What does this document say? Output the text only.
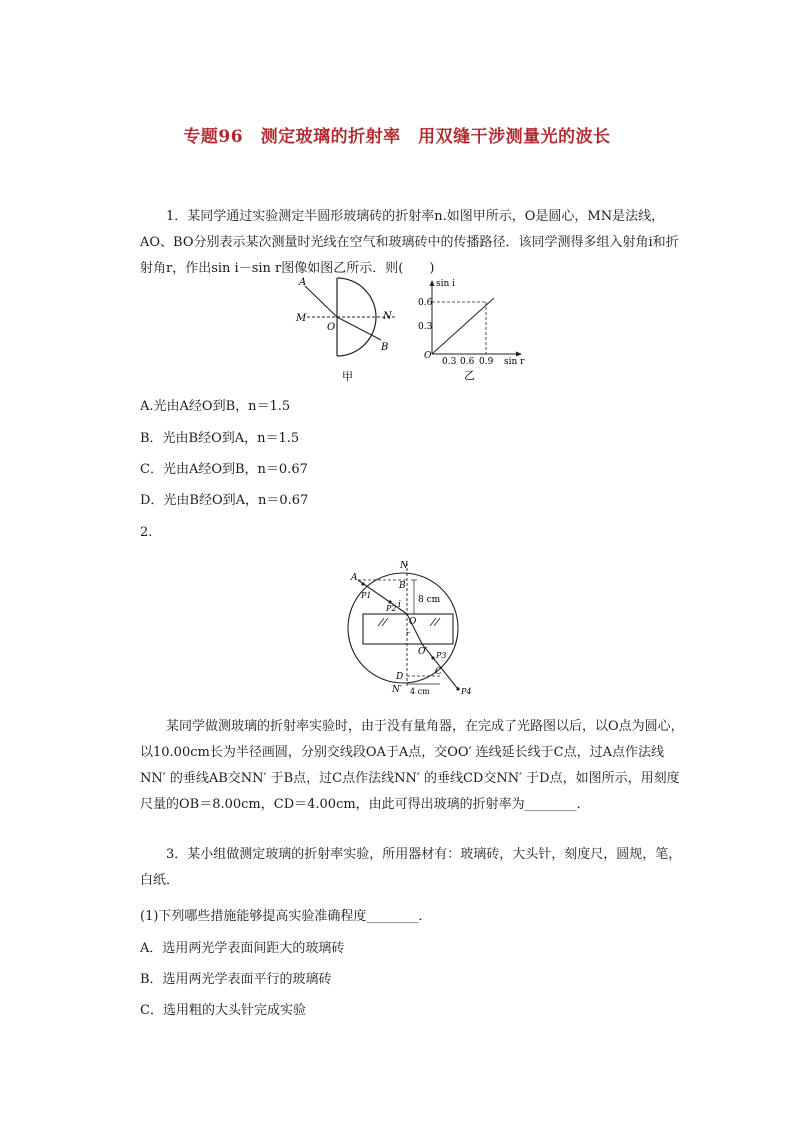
专题96　测定玻璃的折射率　用双缝干涉测量光的波长

1．某同学通过实验测定半圆形玻璃砖的折射率n.如图甲所示，O是圆心，MN是法线，AO、BO分别表示某次测量时光线在空气和玻璃砖中的传播路径．该同学测得多组入射角i和折射角r，作出sin i－sin r图像如图乙所示．则(　　)

A
M
O
N
B
甲
sin i
0.6
0.3
O
0.3 0.6 0.9 sin r
乙
A.光由A经O到B，n＝1.5
B．光由B经O到A，n＝1.5
C．光由A经O到B，n＝0.67
D．光由B经O到A，n＝0.67
2.
N
A
B
P1
P2 i 8 cm
O
r
O′ P3
C
D
N′ 4 cm	P4

某同学做测玻璃的折射率实验时，由于没有量角器，在完成了光路图以后，以O点为圆心，以10.00cm长为半径画圆，分别交线段OA于A点，交OO′ 连线延长线于C点，过A点作法线NN′ 的垂线AB交NN′ 于B点，过C点作法线NN′ 的垂线CD交NN′ 于D点，如图所示，用刻度尺量的OB＝8.00cm，CD＝4.00cm，由此可得出玻璃的折射率为________．

3．某小组做测定玻璃的折射率实验，所用器材有：玻璃砖，大头针，刻度尺，圆规，笔，白纸．

(1)下列哪些措施能够提高实验准确程度________．
A．选用两光学表面间距大的玻璃砖
B．选用两光学表面平行的玻璃砖
C．选用粗的大头针完成实验
